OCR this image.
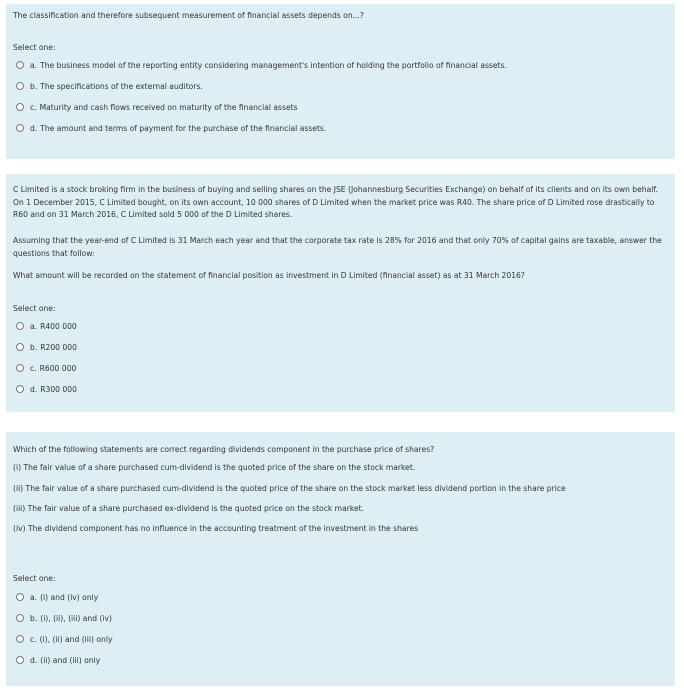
The classification and therefore subsequent measurement of financial assets depends on...?
Select one:
a. The business model of the reporting entity considering management's intention of holding the portfolio of financial assets.
b. The specifications of the external auditors.
c. Maturity and cash flows received on maturity of the financial assets
d. The amount and terms of payment for the purchase of the financial assets.
C Limited is a stock broking firm in the business of buying and selling shares on the JSE (Johannesburg Securities Exchange) on behalf of its clients and on its own behalf. On 1 December 2015, C Limited bought, on its own account, 10 000 shares of D Limited when the market price was R40. The share price of D Limited rose drastically to R60 and on 31 March 2016, C Limited sold 5 000 of the D Limited shares.
Assuming that the year-end of C Limited is 31 March each year and that the corporate tax rate is 28% for 2016 and that only 70% of capital gains are taxable, answer the questions that follow:
What amount will be recorded on the statement of financial position as investment in D Limited (financial asset) as at 31 March 2016?
Select one:
a. R400 000
b. R200 000
c. R600 000
d. R300 000
Which of the following statements are correct regarding dividends component in the purchase price of shares?
(i) The fair value of a share purchased cum-dividend is the quoted price of the share on the stock market.
(ii) The fair value of a share purchased cum-dividend is the quoted price of the share on the stock market less dividend portion in the share price
(iii) The fair value of a share purchased ex-dividend is the quoted price on the stock market.
(iv) The dividend component has no influence in the accounting treatment of the investment in the shares
Select one:
a. (i) and (iv) only
b. (i), (ii), (iii) and (iv)
c. (i), (ii) and (iii) only
d. (ii) and (iii) only
